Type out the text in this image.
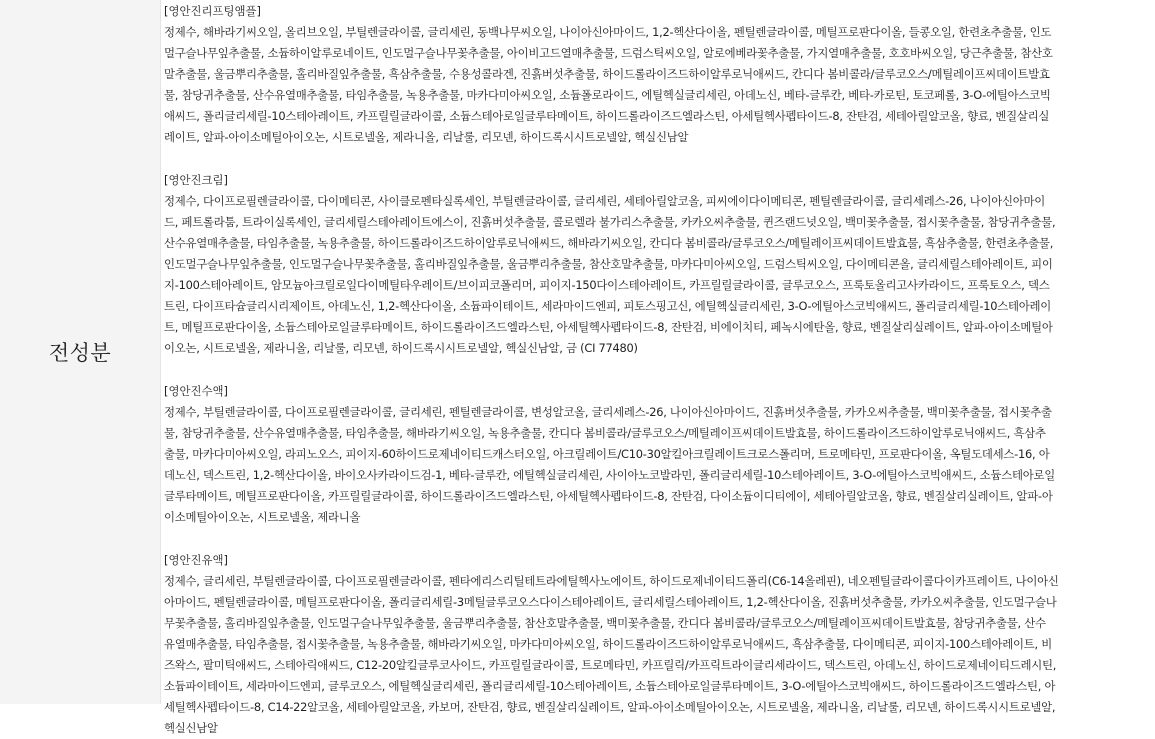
전성분
[영안진리프팅앰플]
정제수, 해바라기씨오일, 올리브오일, 부틸렌글라이콜, 글리세린, 동백나무씨오일, 나이아신아마이드, 1,2-헥산다이올, 펜틸렌글라이콜, 메틸프로판다이올, 들콩오일, 한련초추출물, 인도
멀구슬나무잎추출물, 소듐하이알루로네이트, 인도멀구슬나무꽃추출물, 아이비고드열매추출물, 드럼스틱씨오일, 알로에베라꽃추출물, 가지열매추출물, 호호바씨오일, 당근추출물, 참산호
말추출물, 울금뿌리추출물, 홀리바질잎추출물, 흑삼추출물, 수용성콜라겐, 진흙버섯추출물, 하이드롤라이즈드하이알루로닉애씨드, 칸디다 봄비콜라/글루코오스/메틸레이프씨데이트발효
물, 참당귀추출물, 산수유열매추출물, 타임추출물, 녹용추출물, 마카다미아씨오일, 소듐폴로라이드, 에틸헥실글리세린, 아데노신, 베타-글루칸, 베타-카로틴, 토코페롤, 3-O-에틸아스코빅
애씨드, 폴리글리세릴-10스테아레이트, 카프릴릴글라이콜, 소듐스테아로일글루타메이트, 하이드롤라이즈드엘라스틴, 아세틸헥사펩타이드-8, 잔탄검, 세테아릴알코올, 향료, 벤질살리실
레이트, 알파-아이소메틸아이오논, 시트로넬올, 제라니올, 리날룰, 리모넨, 하이드록시시트로넬알, 헥실신남알
[영안진크림]
정제수, 다이프로필렌글라이콜, 다이메티콘, 사이클로펜타실록세인, 부틸렌글라이콜, 글리세린, 세테아릴알코올, 피씨에이다이메티콘, 펜틸렌글라이콜, 글리세레스-26, 나이아신아마이
드, 페트롤라툼, 트라이실록세인, 글리세릴스테아레이트에스이, 진흙버섯추출물, 콜로렐라 불가리스추출물, 카카오씨추출물, 퀸즈랜드넛오일, 백미꽃추출물, 접시꽃추출물, 참당귀추출물,
산수유열매추출물, 타임추출물, 녹용추출물, 하이드롤라이즈드하이알루로닉애씨드, 해바라기씨오일, 칸디다 봄비콜라/글루코오스/메틸레이프씨데이트발효물, 흑삼추출물, 한련초추출물,
인도멀구슬나무잎추출물, 인도멀구슬나무꽃추출물, 홀리바질잎추출물, 울금뿌리추출물, 참산호말추출물, 마카다미아씨오일, 드럼스틱씨오일, 다이메티콘올, 글리세릴스테아레이트, 피이
지-100스테아레이트, 암모늄아크릴로일다이메틸타우레이트/브이피코폴리머, 피이지-150다이스테아레이트, 카프릴릴글라이콜, 글루코오스, 프룩토올리고사카라이드, 프룩토오스, 덱스
트린, 다이프타슘글리시리제이트, 아데노신, 1,2-헥산다이올, 소듐파이테이트, 세라마이드엔피, 피토스핑고신, 에틸헥실글리세린, 3-O-에틸아스코빅애씨드, 폴리글리세릴-10스테아레이
트, 메틸프로판다이올, 소듐스테아로일글루타메이트, 하이드롤라이즈드엘라스틴, 아세틸헥사펩타이드-8, 잔탄검, 비에이치티, 페녹시에탄올, 향료, 벤질살리실레이트, 알파-아이소메틸아
이오논, 시트로넬올, 제라니올, 리날룰, 리모넨, 하이드록시시트로넬알, 헥실신남알, 금 (CI 77480)
[영안진수액]
정제수, 부틸렌글라이콜, 다이프로필렌글라이콜, 글리세린, 펜틸렌글라이콜, 변성알코올, 글리세레스-26, 나이아신아마이드, 진흙버섯추출물, 카카오씨추출물, 백미꽃추출물, 접시꽃추출
물, 참당귀추출물, 산수유열매추출물, 타임추출물, 해바라기씨오일, 녹용추출물, 칸디다 봄비콜라/글루코오스/메틸레이프씨데이트발효물, 하이드롤라이즈드하이알루로닉애씨드, 흑삼추
출물, 마카다미아씨오일, 라피노오스, 피이지-60하이드로제네이티드캐스터오일, 아크릴레이트/C10-30알킬아크릴레이트크로스폴리머, 트로메타민, 프로판다이올, 옥틸도데세스-16, 아
데노신, 덱스트린, 1,2-헥산다이올, 바이오사카라이드검-1, 베타-글루칸, 에틸헥실글리세린, 사이아노코발라민, 폴리글리세릴-10스테아레이트, 3-O-에틸아스코빅애씨드, 소듐스테아로일
글루타메이트, 메틸프로판다이올, 카프릴릴글라이콜, 하이드롤라이즈드엘라스틴, 아세틸헥사펩타이드-8, 잔탄검, 다이소듐이디티에이, 세테아릴알코올, 향료, 벤질살리실레이트, 알파-아
이소메틸아이오논, 시트로넬올, 제라니올
[영안진유액]
정제수, 글리세린, 부틸렌글라이콜, 다이프로필렌글라이콜, 펜타에리스리틸테트라에틸헥사노에이트, 하이드로제네이티드폴리(C6-14올레핀), 네오펜틸글라이콜다이카프레이트, 나이아신
아마이드, 펜틸렌글라이콜, 메틸프로판다이올, 폴리글리세릴-3메틸글루코오스다이스테아레이트, 글리세릴스테아레이트, 1,2-헥산다이올, 진흙버섯추출물, 카카오씨추출물, 인도멀구슬나
무꽃추출물, 홀리바질잎추출물, 인도멀구슬나무잎추출물, 울금뿌리추출물, 참산호말추출물, 백미꽃추출물, 칸디다 봄비콜라/글루코오스/메틸레이프씨데이트발효물, 참당귀추출물, 산수
유열매추출물, 타임추출물, 접시꽃추출물, 녹용추출물, 해바라기씨오일, 마카다미아씨오일, 하이드롤라이즈드하이알루로닉애씨드, 흑삼추출물, 다이메티콘, 피이지-100스테아레이트, 비
즈왁스, 팔미틱애씨드, 스테아릭애씨드, C12-20알킬글루코사이드, 카프릴릴글라이콜, 트로메타민, 카프릴릭/카프릭트라이글리세라이드, 덱스트린, 아데노신, 하이드로제네이티드레시틴,
소듐파이테이트, 세라마이드엔피, 글루코오스, 에틸헥실글리세린, 폴리글리세릴-10스테아레이트, 소듐스테아로일글루타메이트, 3-O-에틸아스코빅애씨드, 하이드롤라이즈드엘라스틴, 아
세틸헥사펩타이드-8, C14-22알코올, 세테아릴알코올, 카보머, 잔탄검, 향료, 벤질살리실레이트, 알파-아이소메틸아이오논, 시트로넬올, 제라니올, 리날룰, 리모넨, 하이드록시시트로넬알,
헥실신남알
